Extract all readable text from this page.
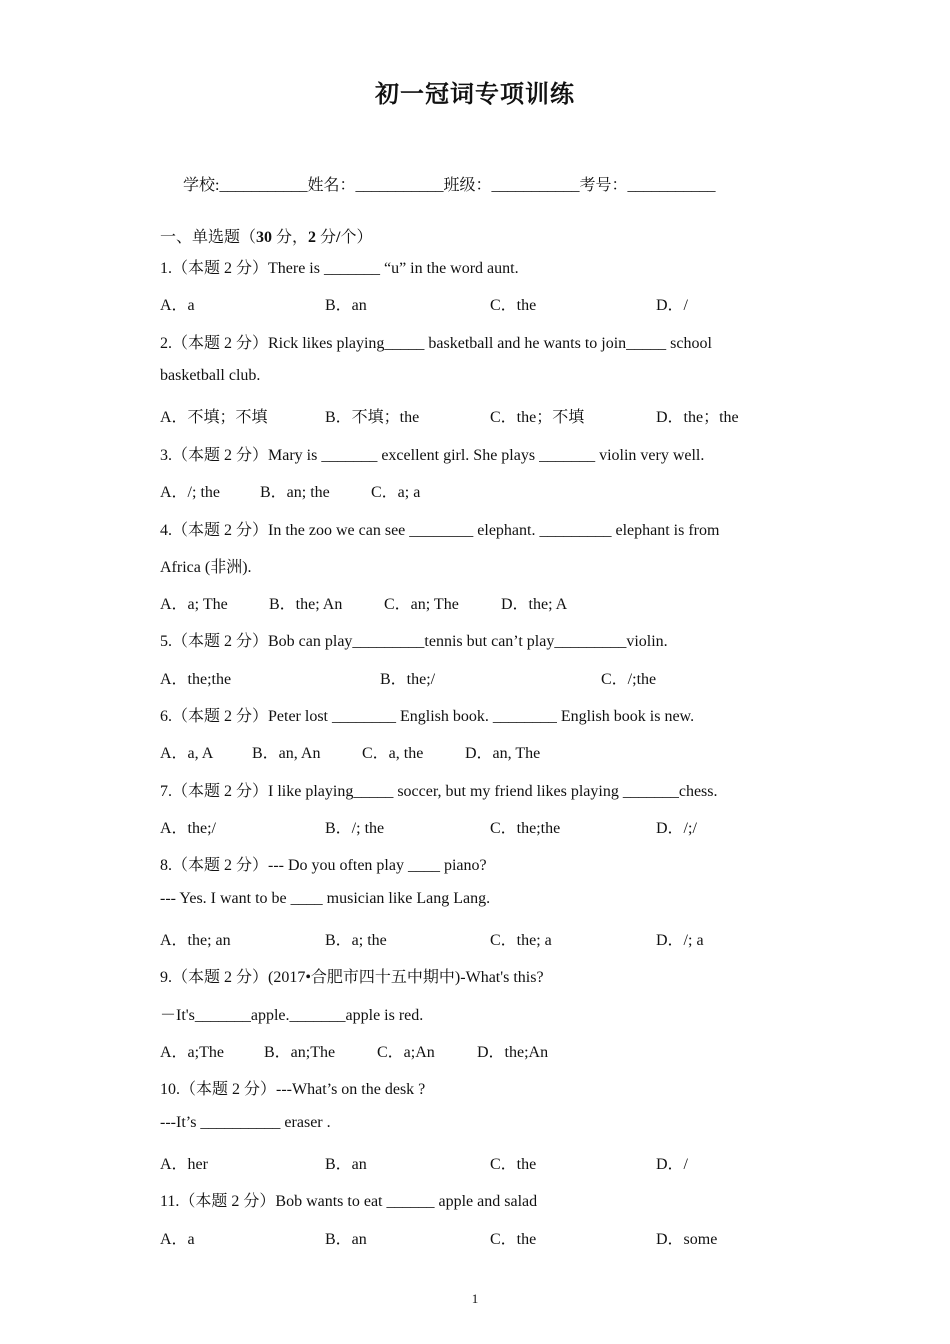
初一冠词专项训练
学校:___________姓名：___________班级：___________考号：___________
一、单选题（30 分，2 分/个）
1.（本题 2 分）There is _______ “u” in the word aunt.
A．a	B．an	C．the	D．/
2.（本题 2 分）Rick likes playing_____ basketball and he wants to join_____ school
basketball club.
A．不填；不填	B．不填；the	C．the；不填	D．the；the
3.（本题 2 分）Mary is _______ excellent girl. She plays _______ violin very well.
A．/; the	B．an; the	C．a; a
4.（本题 2 分）In the zoo we can see ________ elephant. _________ elephant is from
Africa (非洲).
A．a; The	B．the; An	C．an; The	D．the; A
5.（本题 2 分）Bob can play_________tennis but can’t play_________violin.
A．the;the	B．the;/	C．/;the
6.（本题 2 分）Peter lost ________ English book. ________ English book is new.
A．a, A B．an, An	C．a, the	D．an, The
7.（本题 2 分）I like playing_____ soccer, but my friend likes playing _______chess.
A．the;/	B．/; the	C．the;the	D．/;/
8.（本题 2 分）--- Do you often play ____ piano?
--- Yes. I want to be ____ musician like Lang Lang.
A．the; an	B．a; the	C．the; a	D．/; a
9.（本题 2 分）(2017•合肥市四十五中期中)-What's this?
－It's_______apple._______apple is red.
A．a;The	B．an;The	C．a;An	D．the;An
10.（本题 2 分）---What’s on the desk ?
---It’s __________ eraser .
A．her	B．an	C．the	D．/
11.（本题 2 分）Bob wants to eat ______ apple and salad
A．a	B．an	C．the	D．some
1
